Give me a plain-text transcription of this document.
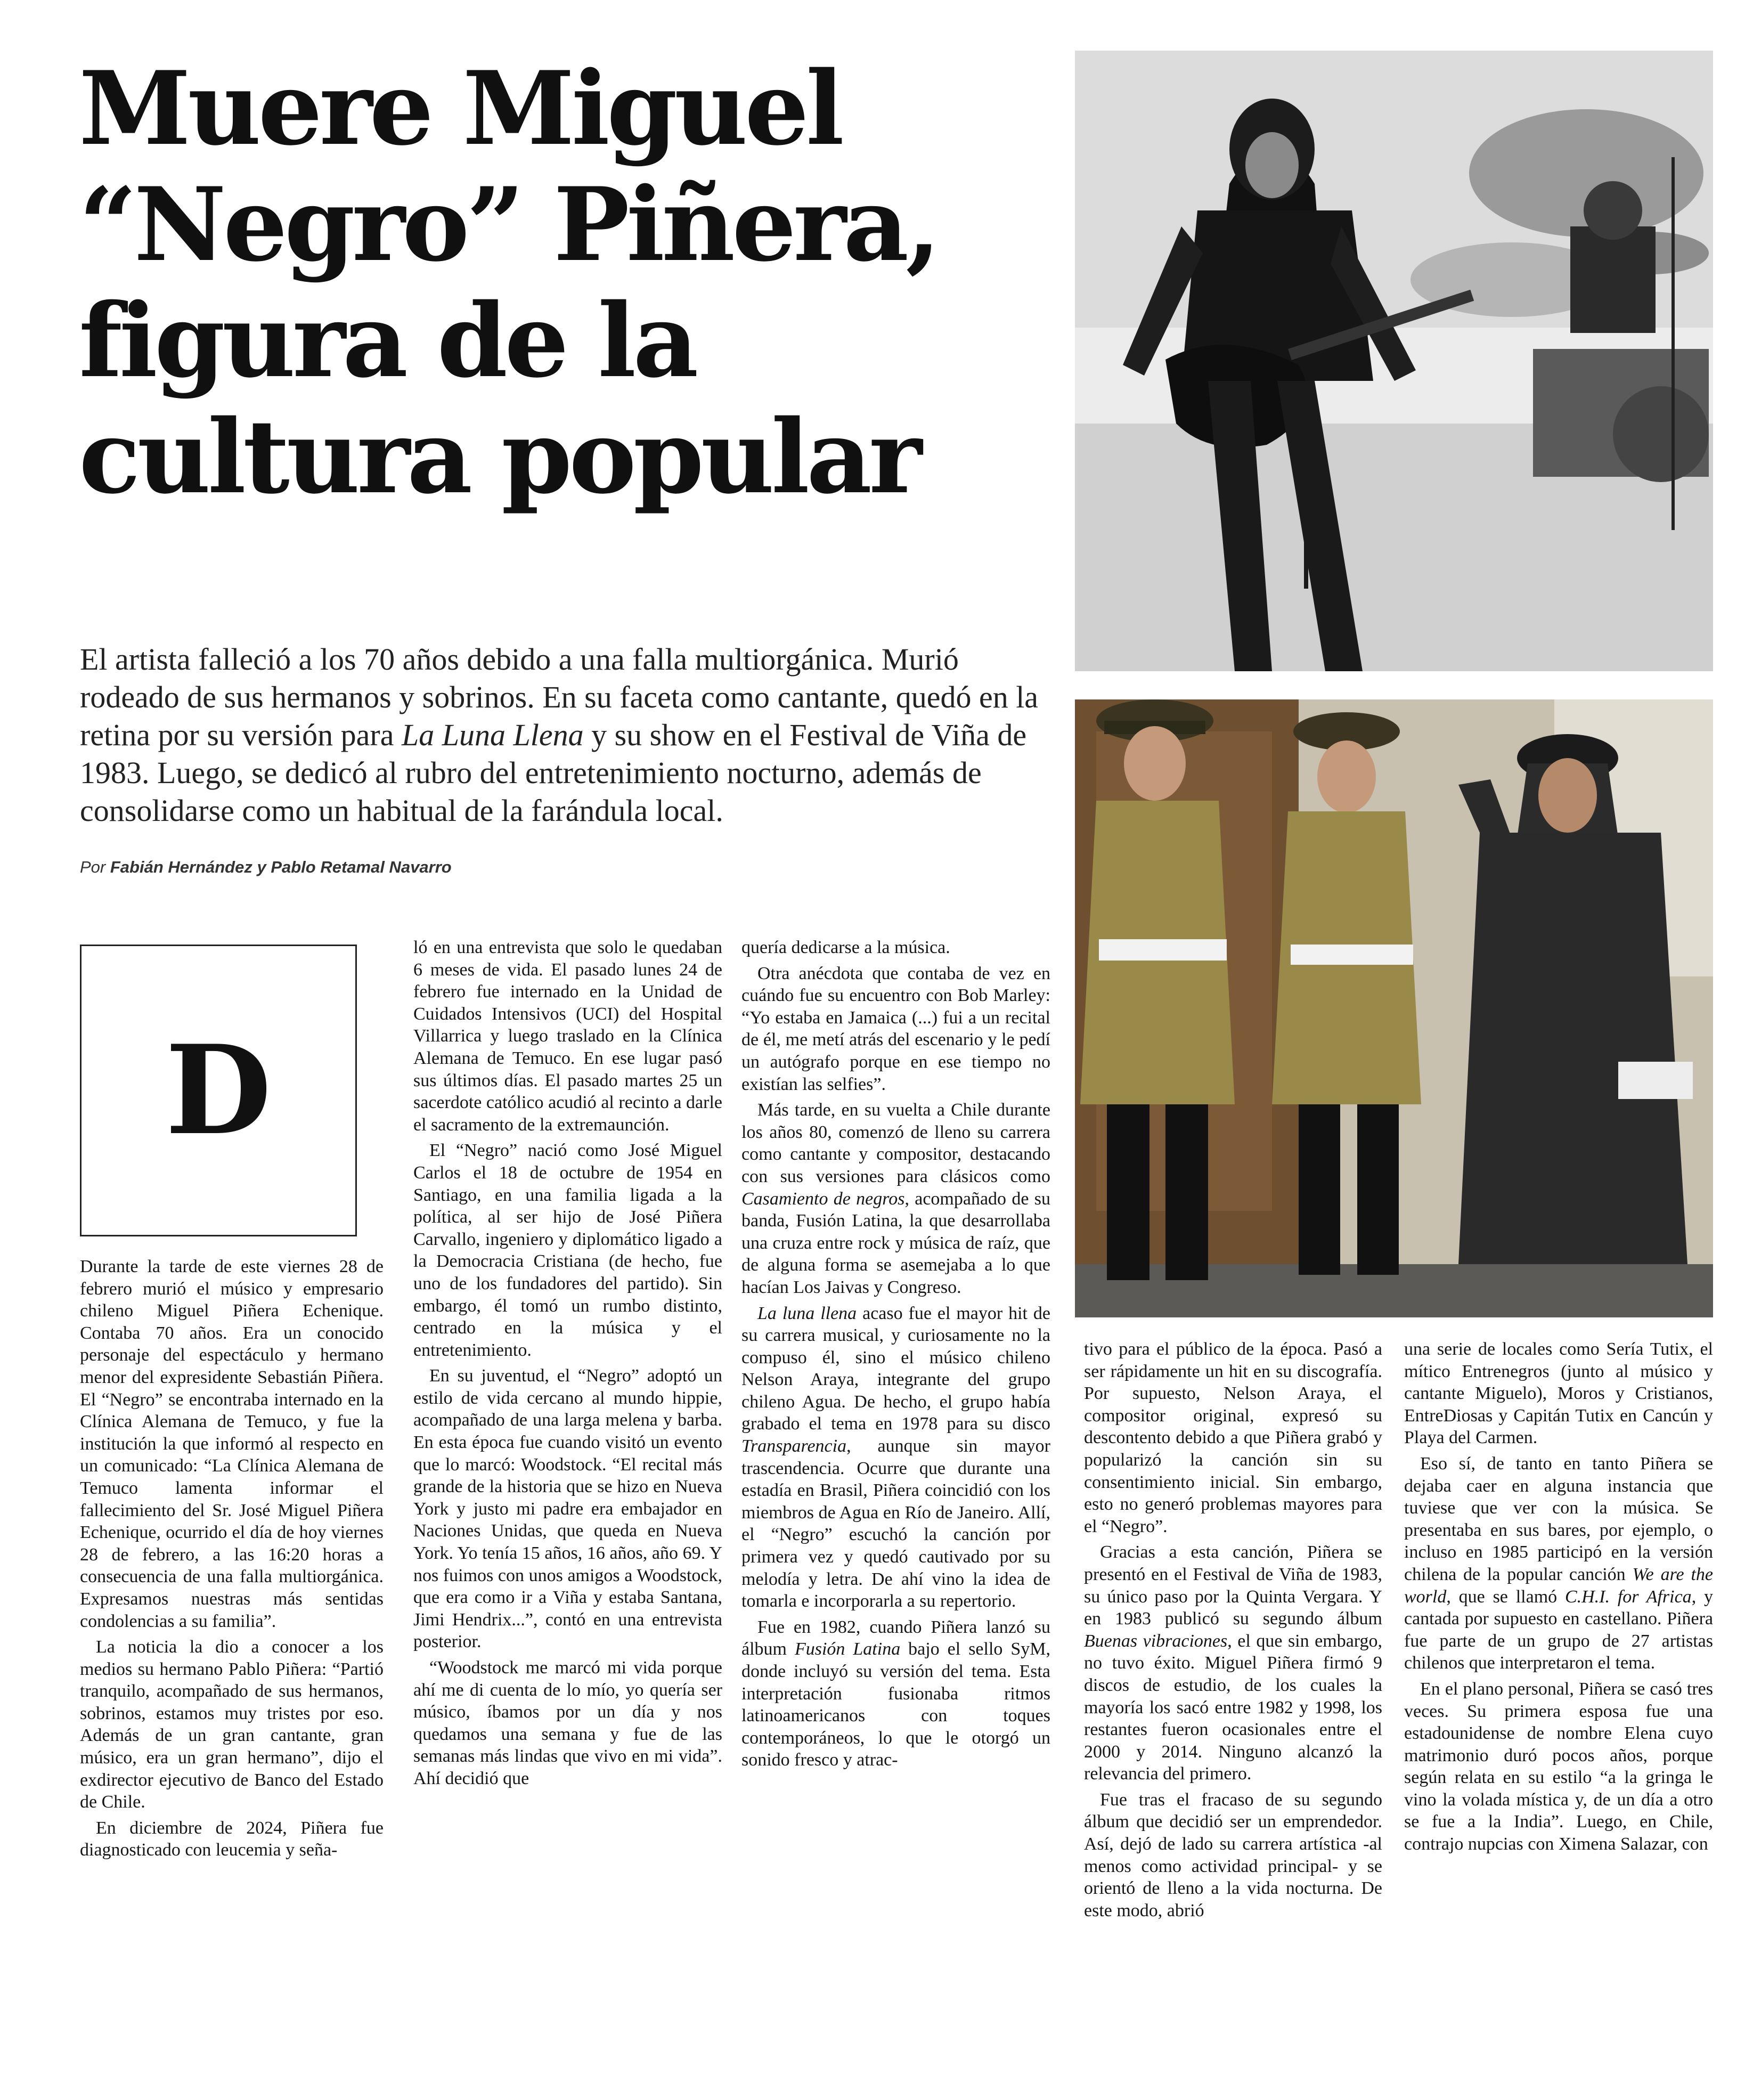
Muere Miguel
“Negro” Piñera,
figura de la
cultura popular

El artista falleció a los 70 años debido a una falla multiorgánica. Murió rodeado de sus hermanos y sobrinos. En su faceta como cantante, quedó en la retina por su versión para La Luna Llena y su show en el Festival de Viña de 1983. Luego, se dedicó al rubro del entretenimiento nocturno, además de consolidarse como un habitual de la farándula local.

Por Fabián Hernández y Pablo Retamal Navarro

D

Durante la tarde de este viernes 28 de febrero murió el músico y empresario chileno Miguel Piñera Echenique. Contaba 70 años. Era un conocido personaje del espectáculo y hermano menor del expresidente Sebastián Piñera. El “Negro” se encontraba internado en la Clínica Alemana de Temuco, y fue la institución la que informó al respecto en un comunicado: “La Clínica Alemana de Temuco lamenta informar el fallecimiento del Sr. José Miguel Piñera Echenique, ocurrido el día de hoy viernes 28 de febrero, a las 16:20 horas a consecuencia de una falla multiorgánica. Expresamos nuestras más sentidas condolencias a su familia”.

La noticia la dio a conocer a los medios su hermano Pablo Piñera: “Partió tranquilo, acompañado de sus hermanos, sobrinos, estamos muy tristes por eso. Además de un gran cantante, gran músico, era un gran hermano”, dijo el exdirector ejecutivo de Banco del Estado de Chile.

En diciembre de 2024, Piñera fue diagnosticado con leucemia y seña-

ló en una entrevista que solo le quedaban 6 meses de vida. El pasado lunes 24 de febrero fue internado en la Unidad de Cuidados Intensivos (UCI) del Hospital Villarrica y luego traslado en la Clínica Alemana de Temuco. En ese lugar pasó sus últimos días. El pasado martes 25 un sacerdote católico acudió al recinto a darle el sacramento de la extremaunción.

El “Negro” nació como José Miguel Carlos el 18 de octubre de 1954 en Santiago, en una familia ligada a la política, al ser hijo de José Piñera Carvallo, ingeniero y diplomático ligado a la Democracia Cristiana (de hecho, fue uno de los fundadores del partido). Sin embargo, él tomó un rumbo distinto, centrado en la música y el entretenimiento.

En su juventud, el “Negro” adoptó un estilo de vida cercano al mundo hippie, acompañado de una larga melena y barba. En esta época fue cuando visitó un evento que lo marcó: Woodstock. “El recital más grande de la historia que se hizo en Nueva York y justo mi padre era embajador en Naciones Unidas, que queda en Nueva York. Yo tenía 15 años, 16 años, año 69. Y nos fuimos con unos amigos a Woodstock, que era como ir a Viña y estaba Santana, Jimi Hendrix...”, contó en una entrevista posterior.

“Woodstock me marcó mi vida porque ahí me di cuenta de lo mío, yo quería ser músico, íbamos por un día y nos quedamos una semana y fue de las semanas más lindas que vivo en mi vida”. Ahí decidió que

quería dedicarse a la música.

Otra anécdota que contaba de vez en cuándo fue su encuentro con Bob Marley: “Yo estaba en Jamaica (...) fui a un recital de él, me metí atrás del escenario y le pedí un autógrafo porque en ese tiempo no existían las selfies”.

Más tarde, en su vuelta a Chile durante los años 80, comenzó de lleno su carrera como cantante y compositor, destacando con sus versiones para clásicos como Casamiento de negros, acompañado de su banda, Fusión Latina, la que desarrollaba una cruza entre rock y música de raíz, que de alguna forma se asemejaba a lo que hacían Los Jaivas y Congreso.

La luna llena acaso fue el mayor hit de su carrera musical, y curiosamente no la compuso él, sino el músico chileno Nelson Araya, integrante del grupo chileno Agua. De hecho, el grupo había grabado el tema en 1978 para su disco Transparencia, aunque sin mayor trascendencia. Ocurre que durante una estadía en Brasil, Piñera coincidió con los miembros de Agua en Río de Janeiro. Allí, el “Negro” escuchó la canción por primera vez y quedó cautivado por su melodía y letra. De ahí vino la idea de tomarla e incorporarla a su repertorio.

Fue en 1982, cuando Piñera lanzó su álbum Fusión Latina bajo el sello SyM, donde incluyó su versión del tema. Esta interpretación fusionaba ritmos latinoamericanos con toques contemporáneos, lo que le otorgó un sonido fresco y atrac-

tivo para el público de la época. Pasó a ser rápidamente un hit en su discografía. Por supuesto, Nelson Araya, el compositor original, expresó su descontento debido a que Piñera grabó y popularizó la canción sin su consentimiento inicial. Sin embargo, esto no generó problemas mayores para el “Negro”.

Gracias a esta canción, Piñera se presentó en el Festival de Viña de 1983, su único paso por la Quinta Vergara. Y en 1983 publicó su segundo álbum Buenas vibraciones, el que sin embargo, no tuvo éxito. Miguel Piñera firmó 9 discos de estudio, de los cuales la mayoría los sacó entre 1982 y 1998, los restantes fueron ocasionales entre el 2000 y 2014. Ninguno alcanzó la relevancia del primero.

Fue tras el fracaso de su segundo álbum que decidió ser un emprendedor. Así, dejó de lado su carrera artística -al menos como actividad principal- y se orientó de lleno a la vida nocturna. De este modo, abrió

una serie de locales como Sería Tutix, el mítico Entrenegros (junto al músico y cantante Miguelo), Moros y Cristianos, EntreDiosas y Capitán Tutix en Cancún y Playa del Carmen.

Eso sí, de tanto en tanto Piñera se dejaba caer en alguna instancia que tuviese que ver con la música. Se presentaba en sus bares, por ejemplo, o incluso en 1985 participó en la versión chilena de la popular canción We are the world, que se llamó C.H.I. for Africa, y cantada por supuesto en castellano. Piñera fue parte de un grupo de 27 artistas chilenos que interpretaron el tema.

En el plano personal, Piñera se casó tres veces. Su primera esposa fue una estadounidense de nombre Elena cuyo matrimonio duró pocos años, porque según relata en su estilo “a la gringa le vino la volada mística y, de un día a otro se fue a la India”. Luego, en Chile, contrajo nupcias con Ximena Salazar, con
